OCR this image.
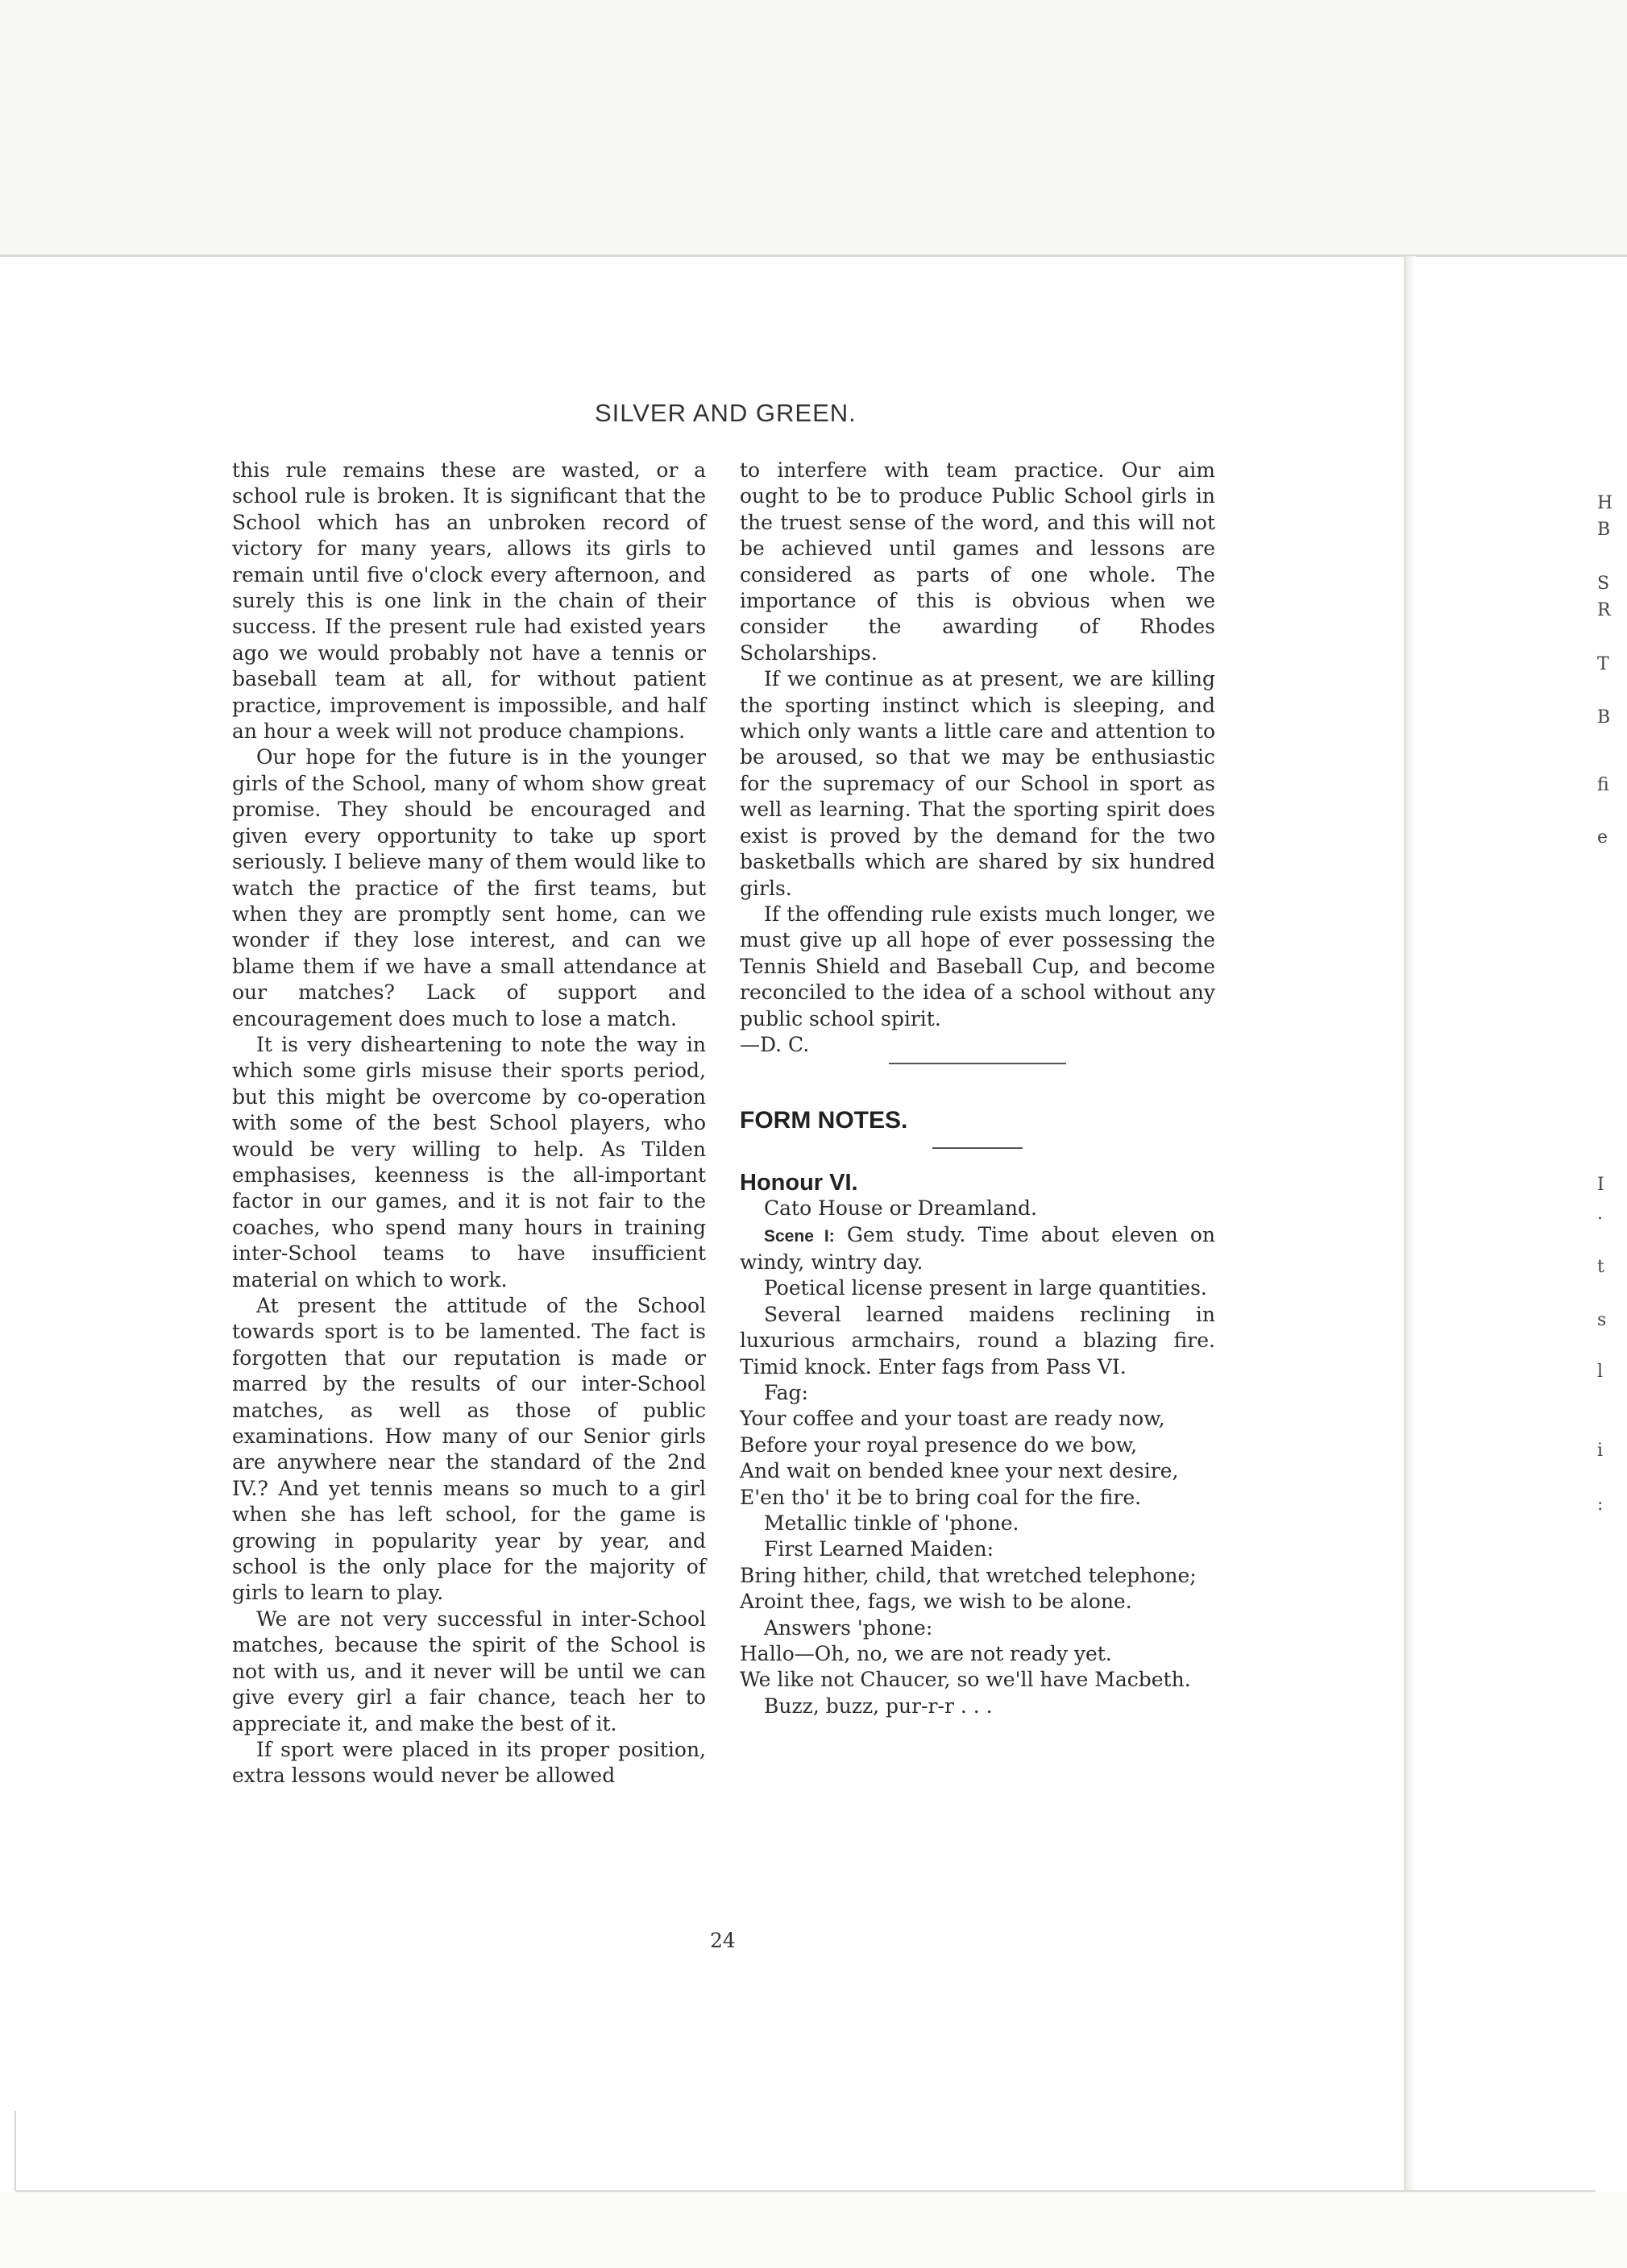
SILVER AND GREEN.

this rule remains these are wasted, or a school rule is broken. It is significant that the School which has an unbroken record of victory for many years, allows its girls to remain until five o'clock every afternoon, and surely this is one link in the chain of their success. If the present rule had existed years ago we would probably not have a tennis or baseball team at all, for without patient practice, improvement is impossible, and half an hour a week will not produce champions.

Our hope for the future is in the younger girls of the School, many of whom show great promise. They should be encouraged and given every opportunity to take up sport seriously. I believe many of them would like to watch the practice of the first teams, but when they are promptly sent home, can we wonder if they lose interest, and can we blame them if we have a small attendance at our matches? Lack of support and encouragement does much to lose a match.

It is very disheartening to note the way in which some girls misuse their sports period, but this might be overcome by co-operation with some of the best School players, who would be very willing to help. As Tilden emphasises, keenness is the all-important factor in our games, and it is not fair to the coaches, who spend many hours in training inter-School teams to have insufficient material on which to work.

At present the attitude of the School towards sport is to be lamented. The fact is forgotten that our reputation is made or marred by the results of our inter-School matches, as well as those of public examinations. How many of our Senior girls are anywhere near the standard of the 2nd IV.? And yet tennis means so much to a girl when she has left school, for the game is growing in popularity year by year, and school is the only place for the majority of girls to learn to play.

We are not very successful in inter-School matches, because the spirit of the School is not with us, and it never will be until we can give every girl a fair chance, teach her to appreciate it, and make the best of it.

If sport were placed in its proper position, extra lessons would never be allowed

to interfere with team practice. Our aim ought to be to produce Public School girls in the truest sense of the word, and this will not be achieved until games and lessons are considered as parts of one whole. The importance of this is obvious when we consider the awarding of Rhodes Scholarships.

If we continue as at present, we are killing the sporting instinct which is sleeping, and which only wants a little care and attention to be aroused, so that we may be enthusiastic for the supremacy of our School in sport as well as learning. That the sporting spirit does exist is proved by the demand for the two basketballs which are shared by six hundred girls.

If the offending rule exists much longer, we must give up all hope of ever possessing the Tennis Shield and Baseball Cup, and become reconciled to the idea of a school without any public school spirit.

—D. C.

FORM NOTES.

Honour VI.

Cato House or Dreamland.

Scene I: Gem study. Time about eleven on windy, wintry day.

Poetical license present in large quantities.

Several learned maidens reclining in luxurious armchairs, round a blazing fire. Timid knock. Enter fags from Pass VI.

Fag:

Your coffee and your toast are ready now,

Before your royal presence do we bow,

And wait on bended knee your next desire,

E'en tho' it be to bring coal for the fire.

Metallic tinkle of 'phone.

First Learned Maiden:

Bring hither, child, that wretched telephone;

Aroint thee, fags, we wish to be alone.

Answers 'phone:

Hallo—Oh, no, we are not ready yet.

We like not Chaucer, so we'll have Macbeth.

Buzz, buzz, pur-r-r . . .

24
H
B
S
R
T
B
fi
e
I
.
t
s
l
i
:
